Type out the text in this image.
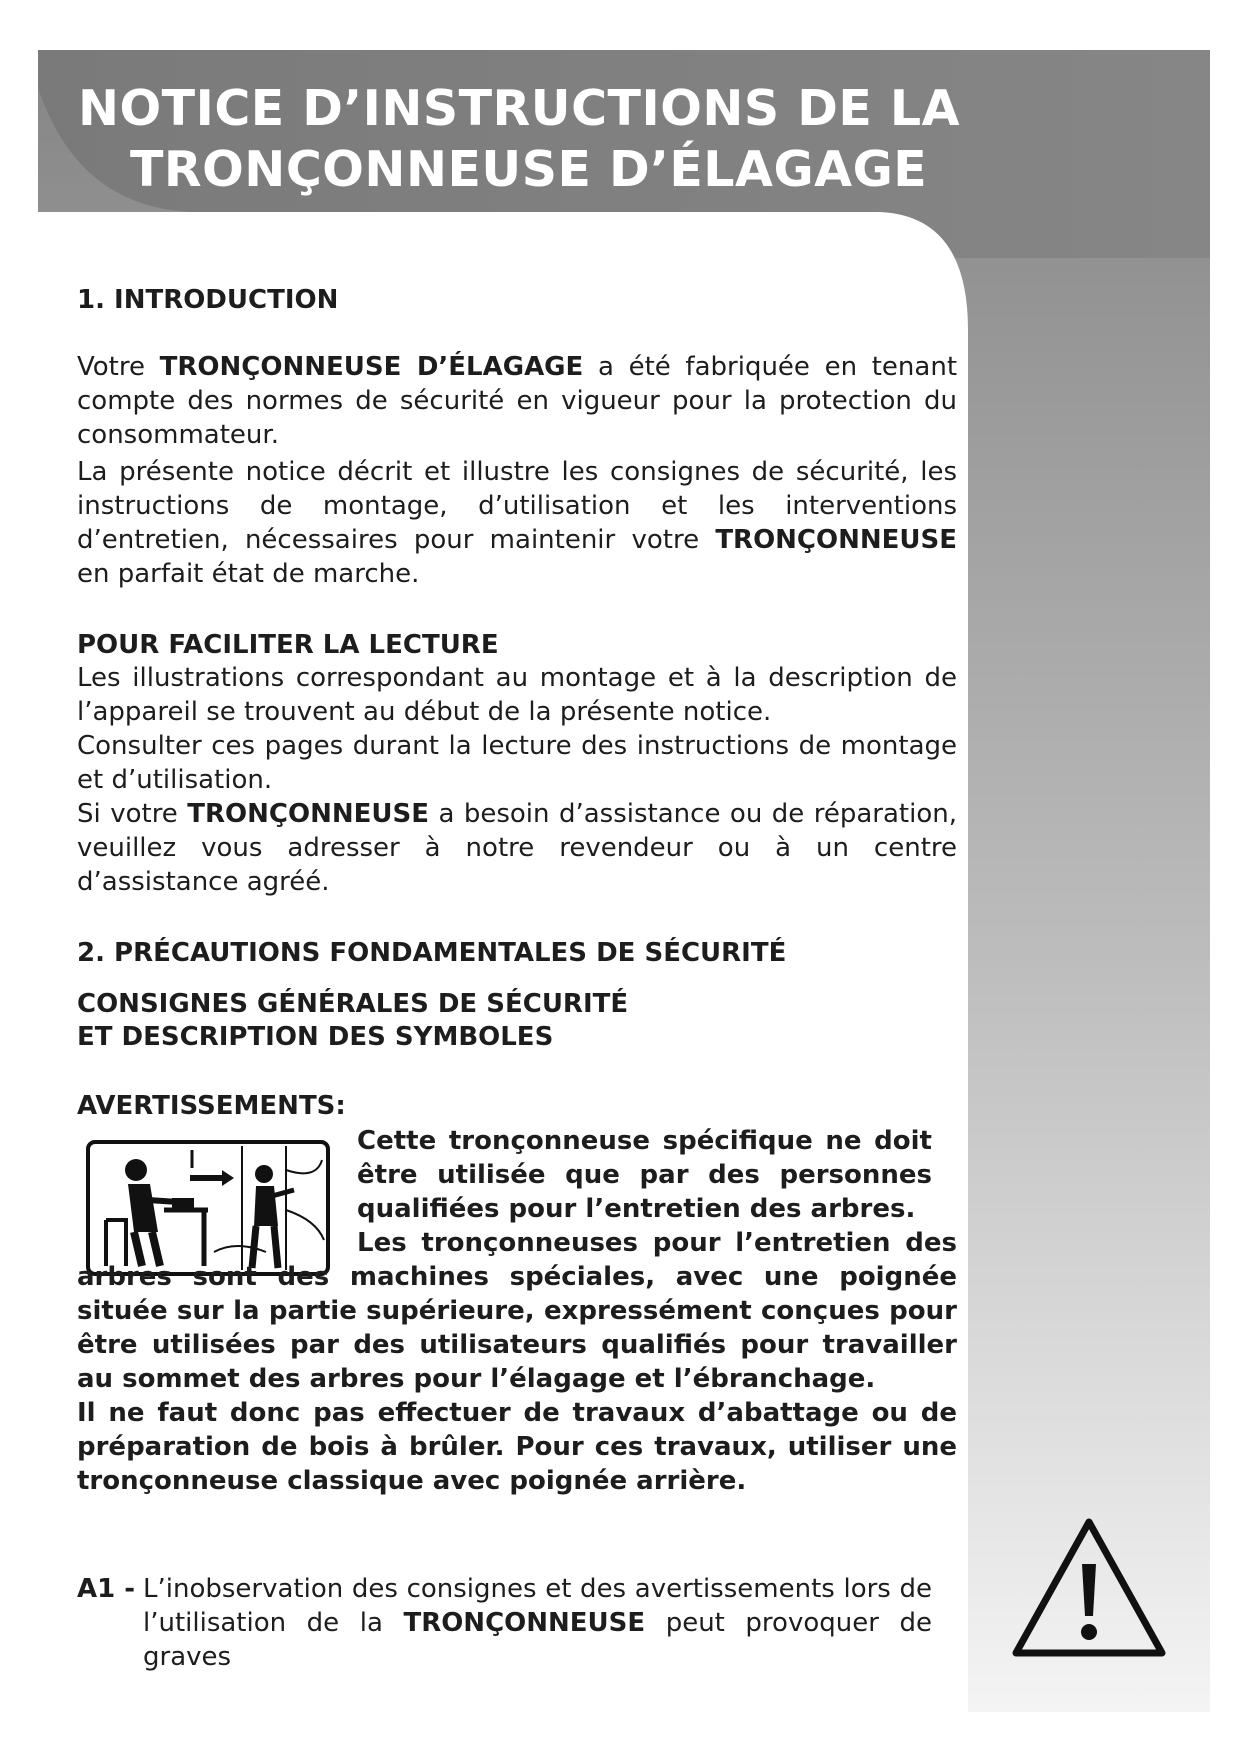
NOTICE D’INSTRUCTIONS DE LA
TRONÇONNEUSE D’ÉLAGAGE
1. INTRODUCTION

Votre TRONÇONNEUSE D’ÉLAGAGE a été fabriquée en tenant compte des normes de sécurité en vigueur pour la protection du consommateur.

La présente notice décrit et illustre les consignes de sécurité, les instructions de montage, d’utilisation et les interventions d’entretien, nécessaires pour maintenir votre TRONÇONNEUSE en parfait état de marche.

POUR FACILITER LA LECTURE

Les illustrations correspondant au montage et à la description de l’appareil se trouvent au début de la présente notice.

Consulter ces pages durant la lecture des instructions de montage et d’utilisation.

Si votre TRONÇONNEUSE a besoin d’assistance ou de réparation, veuillez vous adresser à notre revendeur ou à un centre d’assistance agréé.

2. PRÉCAUTIONS FONDAMENTALES DE SÉCURITÉ
CONSIGNES GÉNÉRALES DE SÉCURITÉ
ET DESCRIPTION DES SYMBOLES
AVERTISSEMENTS:

Cette tronçonneuse spécifique ne doit être utilisée que par des personnes qualifiées pour l’entretien des arbres.

Les tronçonneuses pour l’entretien des arbres sont des machines spéciales, avec une poignée située sur la partie supérieure, expressément conçues pour être utilisées par des utilisateurs qualifiés pour travailler au sommet des arbres pour l’élagage et l’ébranchage.

Il ne faut donc pas effectuer de travaux d’abattage ou de préparation de bois à brûler. Pour ces travaux, utiliser une tronçonneuse classique avec poignée arrière.

A1 - L’inobservation des consignes et des avertissements lors de l’utilisation de la TRONÇONNEUSE peut provoquer de graves
